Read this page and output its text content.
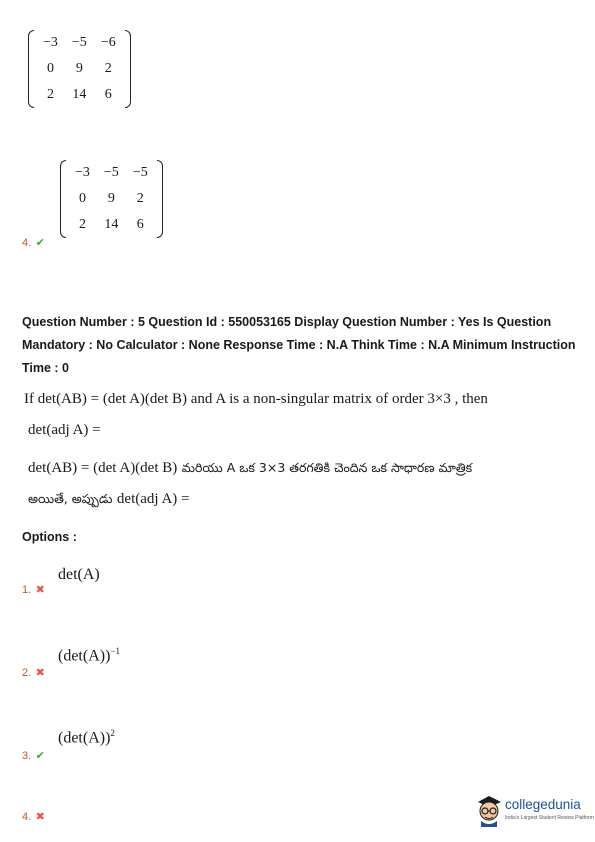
−3	−5	−6
0	9	2
2	14	6
−3	−5	−5
0	9	2
2	14	6
4. ✔
Question Number : 5 Question Id : 550053165 Display Question Number : Yes Is Question
Mandatory : No Calculator : None Response Time : N.A Think Time : N.A Minimum Instruction
Time : 0
If det(AB) = (det A)(det B) and A is a non-singular matrix of order 3×3 , then
det(adj A) =
det(AB) = (det A)(det B) మరియు A ఒక 3×3 తరగతికి చెందిన ఒక సాధారణ మాత్రిక
అయితే, అప్పుడు det(adj A) =
Options :
det(A)
1. ✖
$(\det(A))^{-1}$
2. ✖
$(\det(A))^2$
3. ✔
4. ✖
collegedunia
India's Largest Student Review Platform
